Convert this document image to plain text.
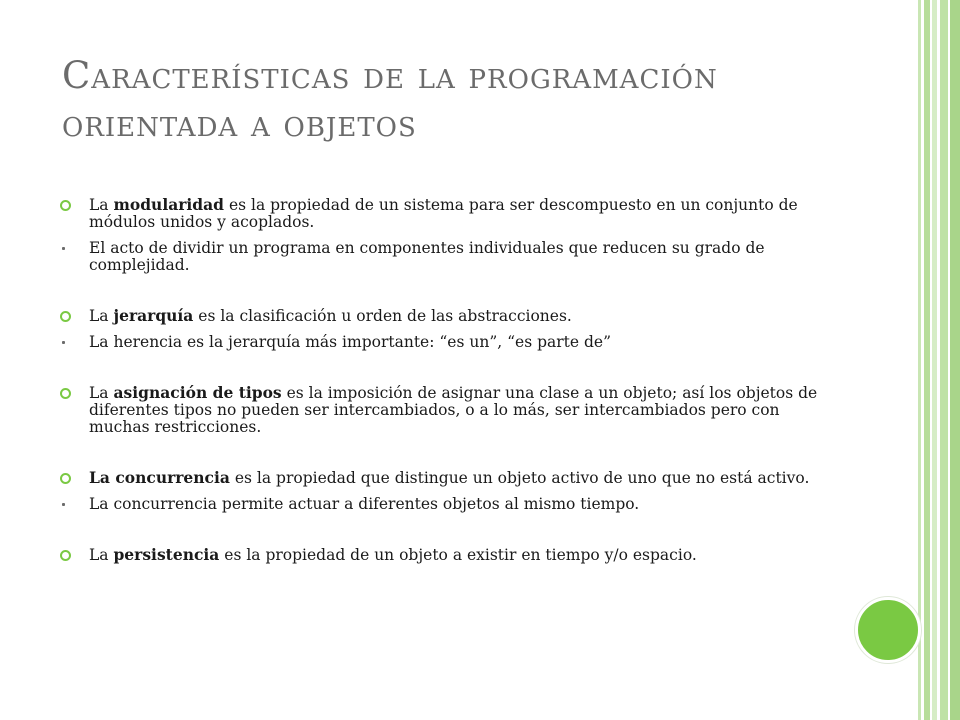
Características de la programación orientada a objetos
La modularidad es la propiedad de un sistema para ser descompuesto en un conjunto de módulos unidos y acoplados.
El acto de dividir un programa en componentes individuales que reducen su grado de complejidad.
La jerarquía es la clasificación u orden de las abstracciones.
La herencia es la jerarquía más importante: “es un”, “es parte de”
La asignación de tipos es la imposición de asignar una clase a un objeto; así los objetos de diferentes tipos no pueden ser intercambiados, o a lo más, ser intercambiados pero con muchas restricciones.
La concurrencia es la propiedad que distingue un objeto activo de uno que no está activo.
La concurrencia permite actuar a diferentes objetos al mismo tiempo.
La persistencia es la propiedad de un objeto a existir en tiempo y/o espacio.
